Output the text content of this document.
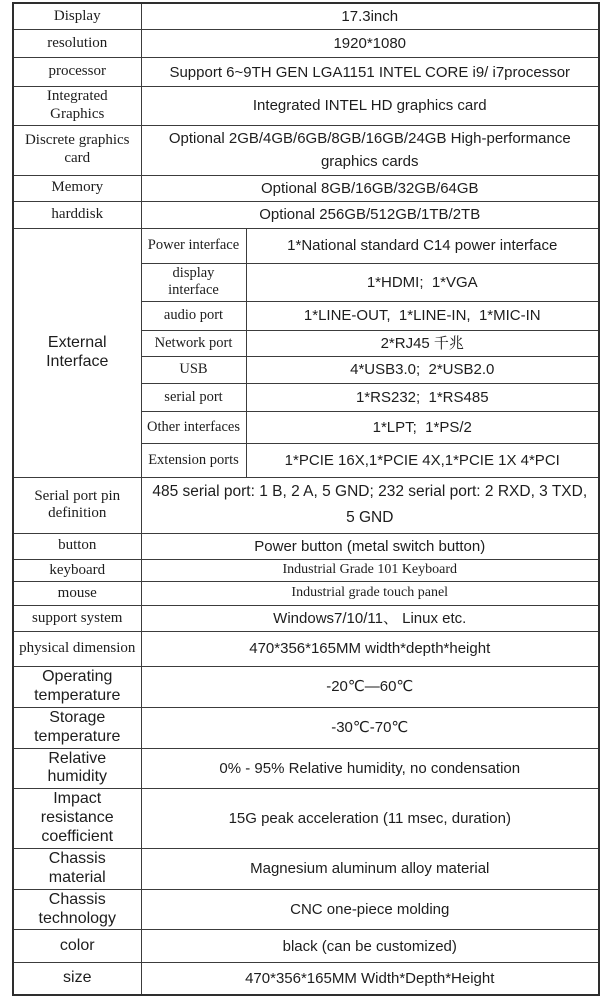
Display	17.3inch	
resolution	1920*1080	
processor	Support 6~9TH GEN LGA1151 INTEL CORE i9/ i7processor	
Integrated Graphics	Integrated INTEL HD graphics card	
Discrete graphics card	Optional 2GB/4GB/6GB/8GB/16GB/24GB High-performance graphics cards	
Memory	Optional 8GB/16GB/32GB/64GB	
harddisk	Optional 256GB/512GB/1TB/2TB	
External Interface	Power interface	1*National standard C14 power interface
	display interface	1*HDMI;  1*VGA
	audio port	1*LINE-OUT,  1*LINE-IN,  1*MIC-IN
	Network port	2*RJ45 千兆
	USB	4*USB3.0;  2*USB2.0
	serial port	1*RS232;  1*RS485
	Other interfaces	1*LPT;  1*PS/2
	Extension ports	1*PCIE 16X,1*PCIE 4X,1*PCIE 1X 4*PCI
Serial port pin definition	485 serial port: 1 B, 2 A, 5 GND; 232 serial port: 2 RXD, 3 TXD, 5 GND	
button	Power button (metal switch button)	
keyboard	Industrial Grade 101 Keyboard	
mouse	Industrial grade touch panel	
support system	Windows7/10/11、 Linux etc.	
physical dimension	470*356*165MM width*depth*height	
Operating temperature	-20℃—60℃	
Storage temperature	-30℃-70℃	
Relative humidity	0% - 95% Relative humidity, no condensation	
Impact resistance coefficient	15G peak acceleration (11 msec, duration)	
Chassis material	Magnesium aluminum alloy material	
Chassis technology	CNC one-piece molding	
color	black (can be customized)	
size	470*356*165MM Width*Depth*Height	
